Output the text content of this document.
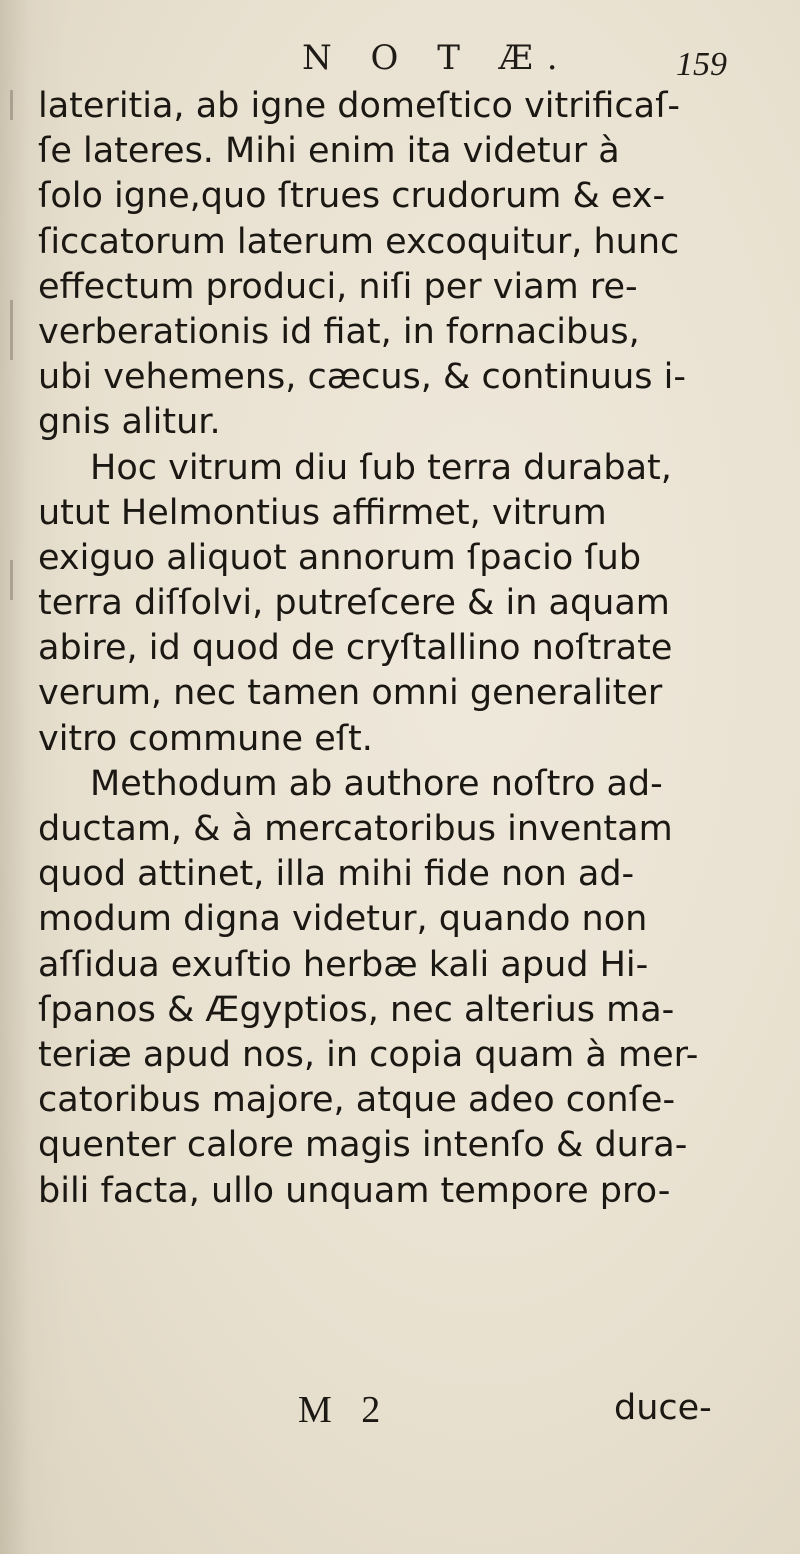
N O T Æ.	159
lateritia, ab igne domeſtico vitrificaſ-
ſe lateres. Mihi enim ita videtur à
ſolo igne,quo ſtrues crudorum & ex-
ſiccatorum laterum excoquitur, hunc
effectum produci, niſi per viam re-
verberationis id fiat, in fornacibus,
ubi vehemens, cæcus, & continuus i-
gnis alitur.
Hoc vitrum diu ſub terra durabat,
utut Helmontius affirmet, vitrum
exiguo aliquot annorum ſpacio ſub
terra diſſolvi, putreſcere & in aquam
abire, id quod de cryſtallino noſtrate
verum, nec tamen omni generaliter
vitro commune eſt.
Methodum ab authore noſtro ad-
ductam, & à mercatoribus inventam
quod attinet, illa mihi fide non ad-
modum digna videtur, quando non
aſſidua exuſtio herbæ kali apud Hi-
ſpanos & Ægyptios, nec alterius ma-
teriæ apud nos, in copia quam à mer-
catoribus majore, atque adeo conſe-
quenter calore magis intenſo & dura-
bili facta, ullo unquam tempore pro-
M 2	duce-
